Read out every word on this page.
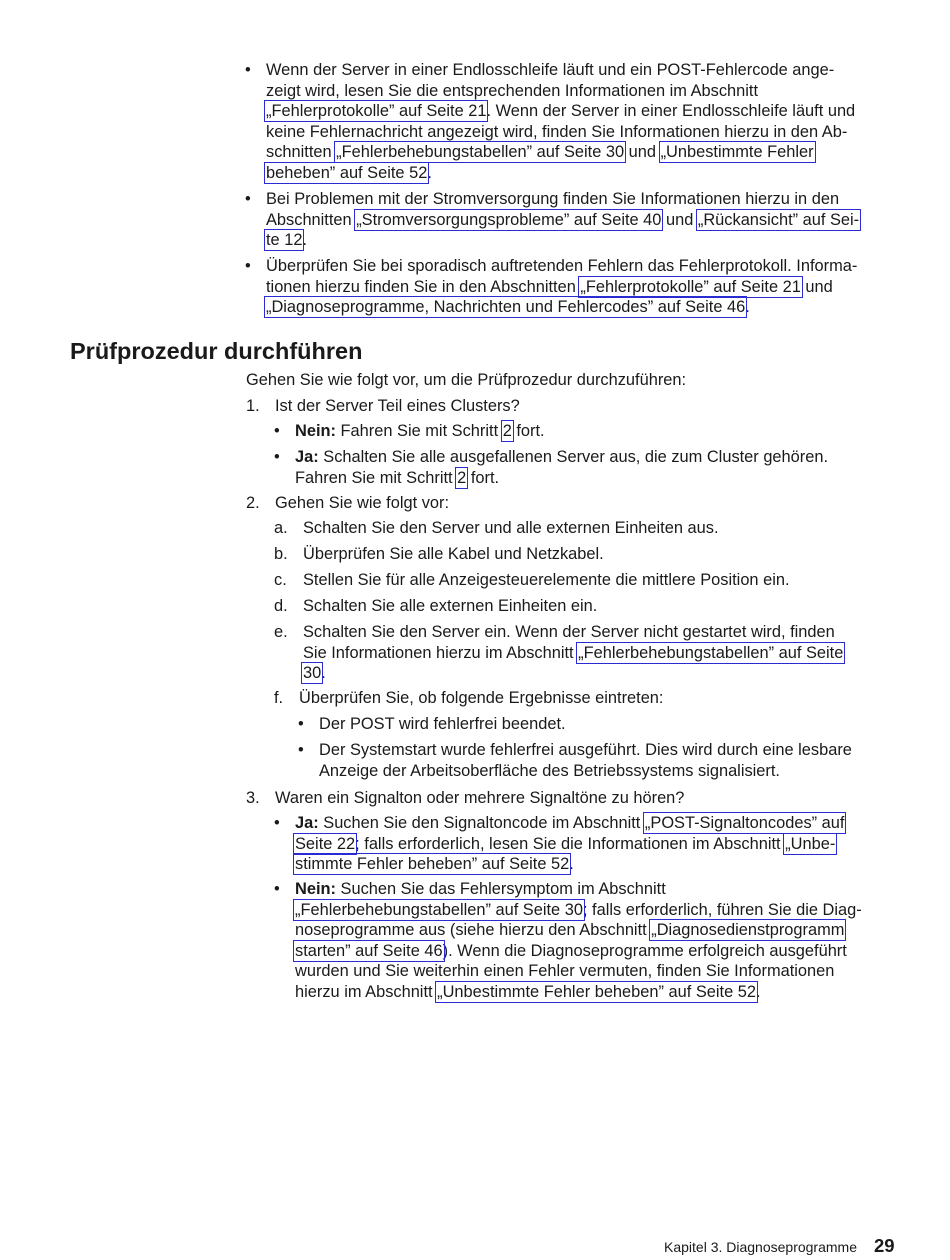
• Wenn der Server in einer Endlosschleife läuft und ein POST-Fehlercode ange-
zeigt wird, lesen Sie die entsprechenden Informationen im Abschnitt
„Fehlerprotokolle” auf Seite 21. Wenn der Server in einer Endlosschleife läuft und
keine Fehlernachricht angezeigt wird, finden Sie Informationen hierzu in den Ab-
schnitten „Fehlerbehebungstabellen” auf Seite 30 und „Unbestimmte Fehler
beheben” auf Seite 52.
• Bei Problemen mit der Stromversorgung finden Sie Informationen hierzu in den
Abschnitten „Stromversorgungsprobleme” auf Seite 40 und „Rückansicht” auf Sei-
te 12.
• Überprüfen Sie bei sporadisch auftretenden Fehlern das Fehlerprotokoll. Informa-
tionen hierzu finden Sie in den Abschnitten „Fehlerprotokolle” auf Seite 21 und
„Diagnoseprogramme, Nachrichten und Fehlercodes” auf Seite 46.
Prüfprozedur durchführen
Gehen Sie wie folgt vor, um die Prüfprozedur durchzuführen:
1. Ist der Server Teil eines Clusters?
• Nein: Fahren Sie mit Schritt 2 fort.
• Ja: Schalten Sie alle ausgefallenen Server aus, die zum Cluster gehören.
Fahren Sie mit Schritt 2 fort.
2. Gehen Sie wie folgt vor:
a. Schalten Sie den Server und alle externen Einheiten aus.
b. Überprüfen Sie alle Kabel und Netzkabel.
c. Stellen Sie für alle Anzeigesteuerelemente die mittlere Position ein.
d. Schalten Sie alle externen Einheiten ein.
e. Schalten Sie den Server ein. Wenn der Server nicht gestartet wird, finden
Sie Informationen hierzu im Abschnitt „Fehlerbehebungstabellen” auf Seite
30.
f. Überprüfen Sie, ob folgende Ergebnisse eintreten:
• Der POST wird fehlerfrei beendet.
• Der Systemstart wurde fehlerfrei ausgeführt. Dies wird durch eine lesbare
Anzeige der Arbeitsoberfläche des Betriebssystems signalisiert.
3. Waren ein Signalton oder mehrere Signaltöne zu hören?
• Ja: Suchen Sie den Signaltoncode im Abschnitt „POST-Signaltoncodes” auf
Seite 22; falls erforderlich, lesen Sie die Informationen im Abschnitt „Unbe-
stimmte Fehler beheben” auf Seite 52.
• Nein: Suchen Sie das Fehlersymptom im Abschnitt
„Fehlerbehebungstabellen” auf Seite 30; falls erforderlich, führen Sie die Diag-
noseprogramme aus (siehe hierzu den Abschnitt „Diagnosedienstprogramm
starten” auf Seite 46). Wenn die Diagnoseprogramme erfolgreich ausgeführt
wurden und Sie weiterhin einen Fehler vermuten, finden Sie Informationen
hierzu im Abschnitt „Unbestimmte Fehler beheben” auf Seite 52.
Kapitel 3. Diagnoseprogramme 29
